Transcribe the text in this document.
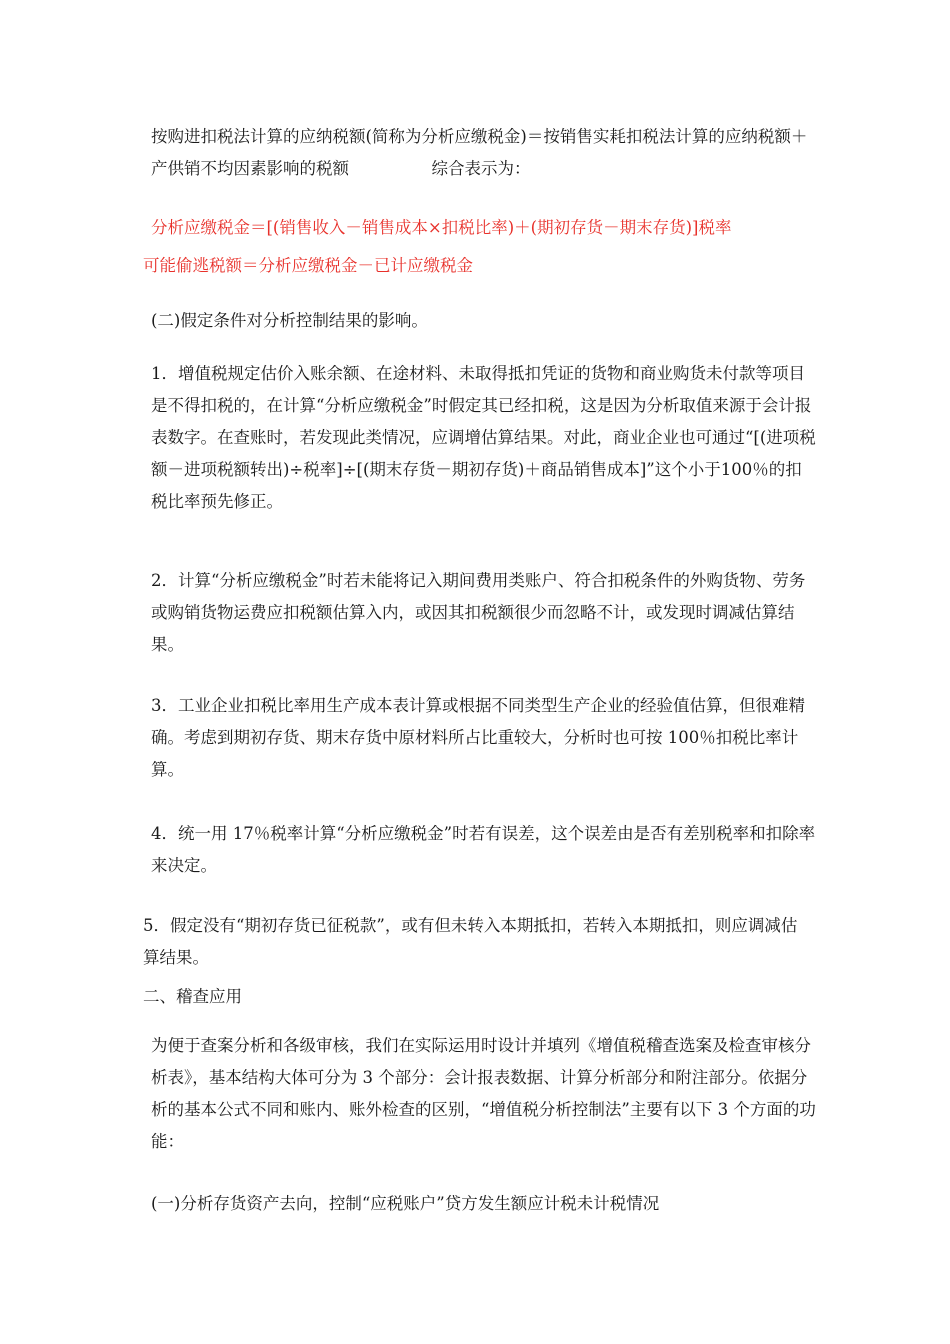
按购进扣税法计算的应纳税额(简称为分析应缴税金)＝按销售实耗扣税法计算的应纳税额＋产供销不均因素影响的税额　　　　　综合表示为：

分析应缴税金＝[(销售收入－销售成本×扣税比率)＋(期初存货－期末存货)]税率

可能偷逃税额＝分析应缴税金－已计应缴税金

(二)假定条件对分析控制结果的影响。

1．增值税规定估价入账余额、在途材料、未取得抵扣凭证的货物和商业购货未付款等项目是不得扣税的，在计算“分析应缴税金”时假定其已经扣税，这是因为分析取值来源于会计报表数字。在查账时，若发现此类情况，应调增估算结果。对此，商业企业也可通过“[(进项税额－进项税额转出)÷税率]÷[(期末存货－期初存货)＋商品销售成本]”这个小于100％的扣税比率预先修正。

2．计算“分析应缴税金”时若未能将记入期间费用类账户、符合扣税条件的外购货物、劳务或购销货物运费应扣税额估算入内，或因其扣税额很少而忽略不计，或发现时调减估算结果。

3．工业企业扣税比率用生产成本表计算或根据不同类型生产企业的经验值估算，但很难精确。考虑到期初存货、期末存货中原材料所占比重较大，分析时也可按 100％扣税比率计算。

4．统一用 17％税率计算“分析应缴税金”时若有误差，这个误差由是否有差别税率和扣除率来决定。

5．假定没有“期初存货已征税款”，或有但未转入本期抵扣，若转入本期抵扣，则应调减估算结果。

二、稽查应用

为便于查案分析和各级审核，我们在实际运用时设计并填列《增值税稽查选案及检查审核分析表》，基本结构大体可分为 3 个部分：会计报表数据、计算分析部分和附注部分。依据分析的基本公式不同和账内、账外检查的区别，“增值税分析控制法”主要有以下 3 个方面的功能：

(一)分析存货资产去向，控制“应税账户”贷方发生额应计税未计税情况
